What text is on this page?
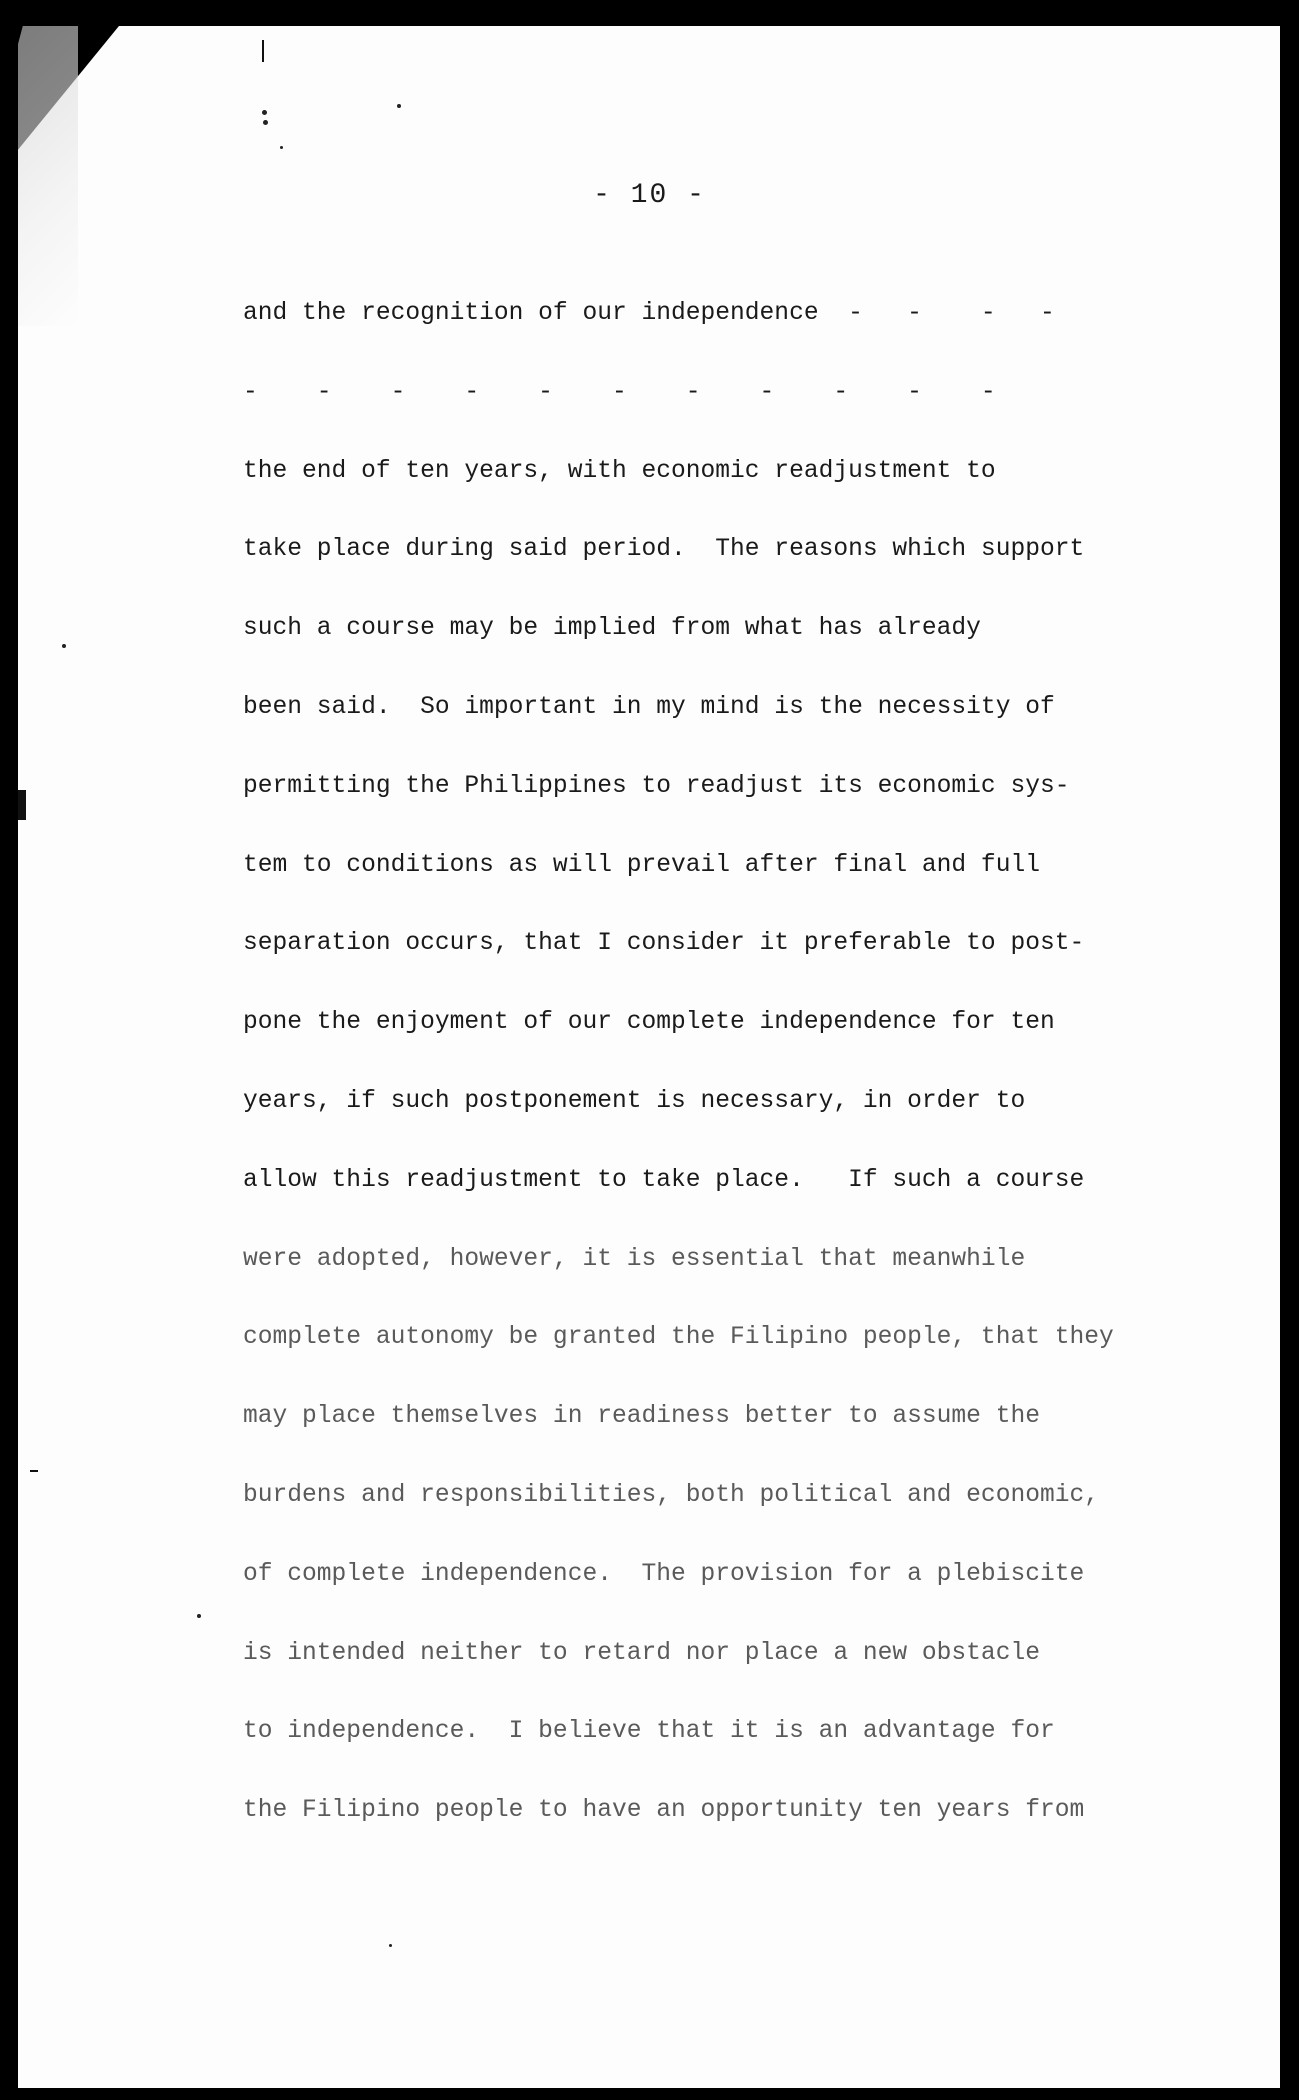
- 10 -

and the recognition of our independence  -   -    -   -

-    -    -    -    -    -    -    -    -    -    -

the end of ten years, with economic readjustment to

take place during said period.  The reasons which support

such a course may be implied from what has already

been said.  So important in my mind is the necessity of

permitting the Philippines to readjust its economic sys-

tem to conditions as will prevail after final and full

separation occurs, that I consider it preferable to post-

pone the enjoyment of our complete independence for ten

years, if such postponement is necessary, in order to

allow this readjustment to take place.   If such a course

were adopted, however, it is essential that meanwhile

complete autonomy be granted the Filipino people, that they

may place themselves in readiness better to assume the

burdens and responsibilities, both political and economic,

of complete independence.  The provision for a plebiscite

is intended neither to retard nor place a new obstacle

to independence.  I believe that it is an advantage for

the Filipino people to have an opportunity ten years from
